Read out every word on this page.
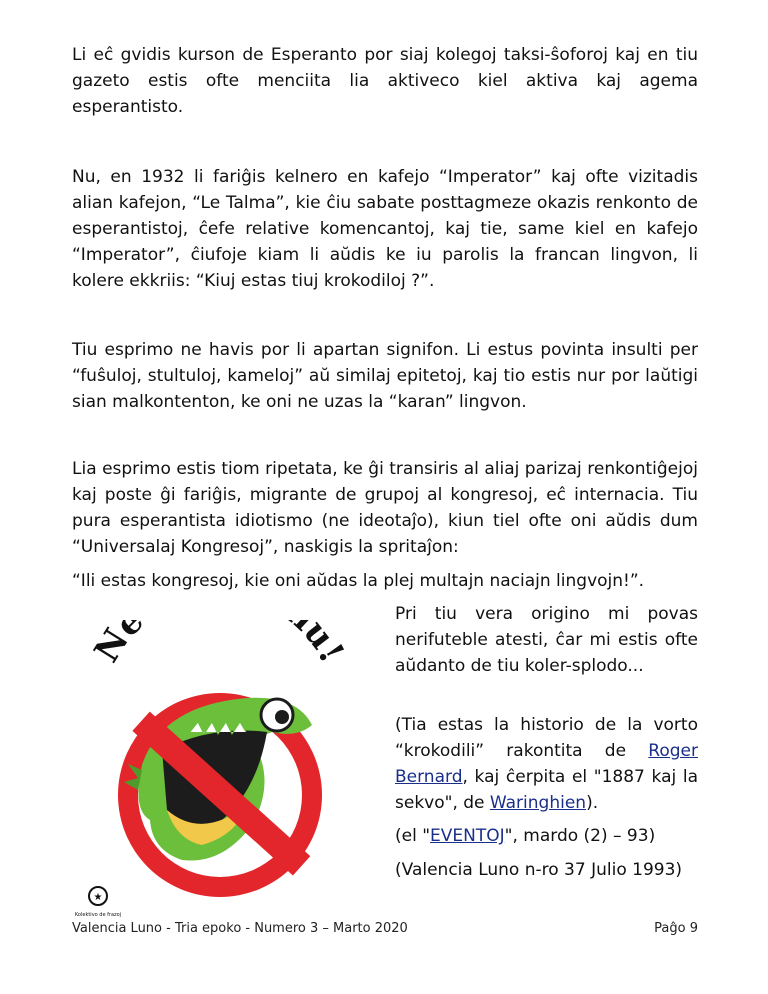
Li eĉ gvidis kurson de Esperanto por siaj kolegoj taksi-ŝoforoj kaj en tiu gazeto estis ofte menciita lia aktiveco kiel aktiva kaj agema esperantisto.
Nu, en 1932 li fariĝis kelnero en kafejo “Imperator” kaj ofte vizitadis alian kafejon, “Le Talma”, kie ĉiu sabate posttagmeze okazis renkonto de esperantistoj, ĉefe relative komencantoj, kaj tie, same kiel en kafejo “Imperator”, ĉiufoje kiam li aŭdis ke iu parolis la francan lingvon, li kolere ekkriis: “Kiuj estas tiuj krokodiloj ?”.
Tiu esprimo ne havis por li apartan signifon. Li estus povinta insulti per “fuŝuloj, stultuloj, kameloj” aŭ similaj epitetoj, kaj tio estis nur por laŭtigi sian malkontenton, ke oni ne uzas la “karan” lingvon.
Lia esprimo estis tiom ripetata, ke ĝi transiris al aliaj parizaj renkontiĝejoj kaj poste ĝi fariĝis, migrante de grupoj al kongresoj, eĉ internacia. Tiu pura esperantista idiotismo (ne ideotaĵo), kiun tiel ofte oni aŭdis dum “Universalaj Kongresoj”, naskigis la spritaĵon:
“Ili estas kongresoj, kie oni aŭdas la plej multajn naciajn lingvojn!”.
Pri tiu vera origino mi povas nerifuteble atesti, ĉar mi estis ofte aŭdanto de tiu koler-splodo...
(Tia estas la historio de la vorto “krokodili” rakontita de Roger Bernard, kaj ĉerpita el "1887 kaj la sekvo", de Waringhien).
(el "EVENTOJ", mardo (2) – 93)
(Valencia Luno n-ro 37 Julio 1993)
Ne u!
★
Kolektivo de frazoj
Valencia Luno - Tria epoko - Numero 3 – Marto 2020	Paĝo 9
